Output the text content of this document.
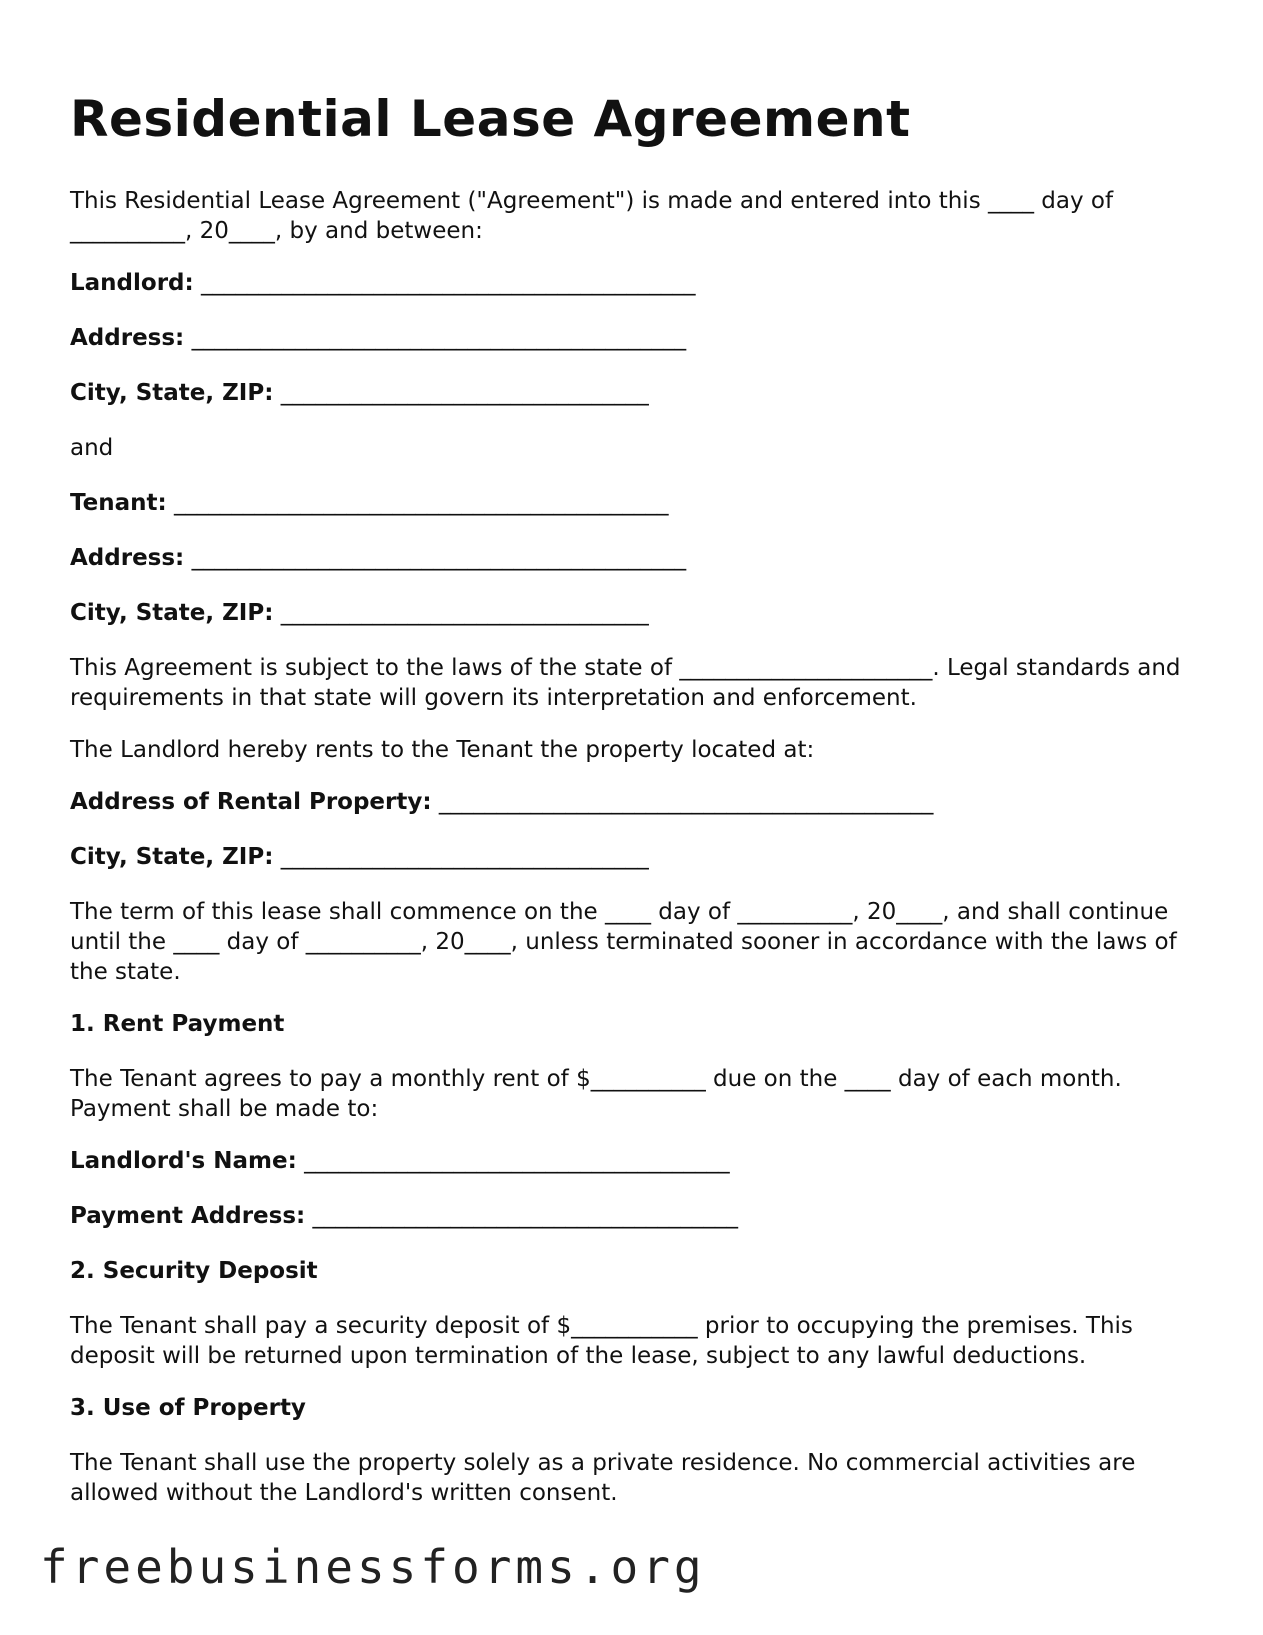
Residential Lease Agreement

This Residential Lease Agreement ("Agreement") is made and entered into this ____ day of __________, 20____, by and between:

Landlord: ___________________________________________
Address: ___________________________________________
City, State, ZIP: ________________________________

and

Tenant: ___________________________________________
Address: ___________________________________________
City, State, ZIP: ________________________________

This Agreement is subject to the laws of the state of ______________________. Legal standards and requirements in that state will govern its interpretation and enforcement.

The Landlord hereby rents to the Tenant the property located at:

Address of Rental Property: ___________________________________________
City, State, ZIP: ________________________________

The term of this lease shall commence on the ____ day of __________, 20____, and shall continue until the ____ day of __________, 20____, unless terminated sooner in accordance with the laws of the state.

1. Rent Payment

The Tenant agrees to pay a monthly rent of $__________ due on the ____ day of each month. Payment shall be made to:

Landlord's Name: _____________________________________
Payment Address: _____________________________________
2. Security Deposit

The Tenant shall pay a security deposit of $___________ prior to occupying the premises. This deposit will be returned upon termination of the lease, subject to any lawful deductions.

3. Use of Property

The Tenant shall use the property solely as a private residence. No commercial activities are allowed without the Landlord's written consent.

freebusinessforms.org
